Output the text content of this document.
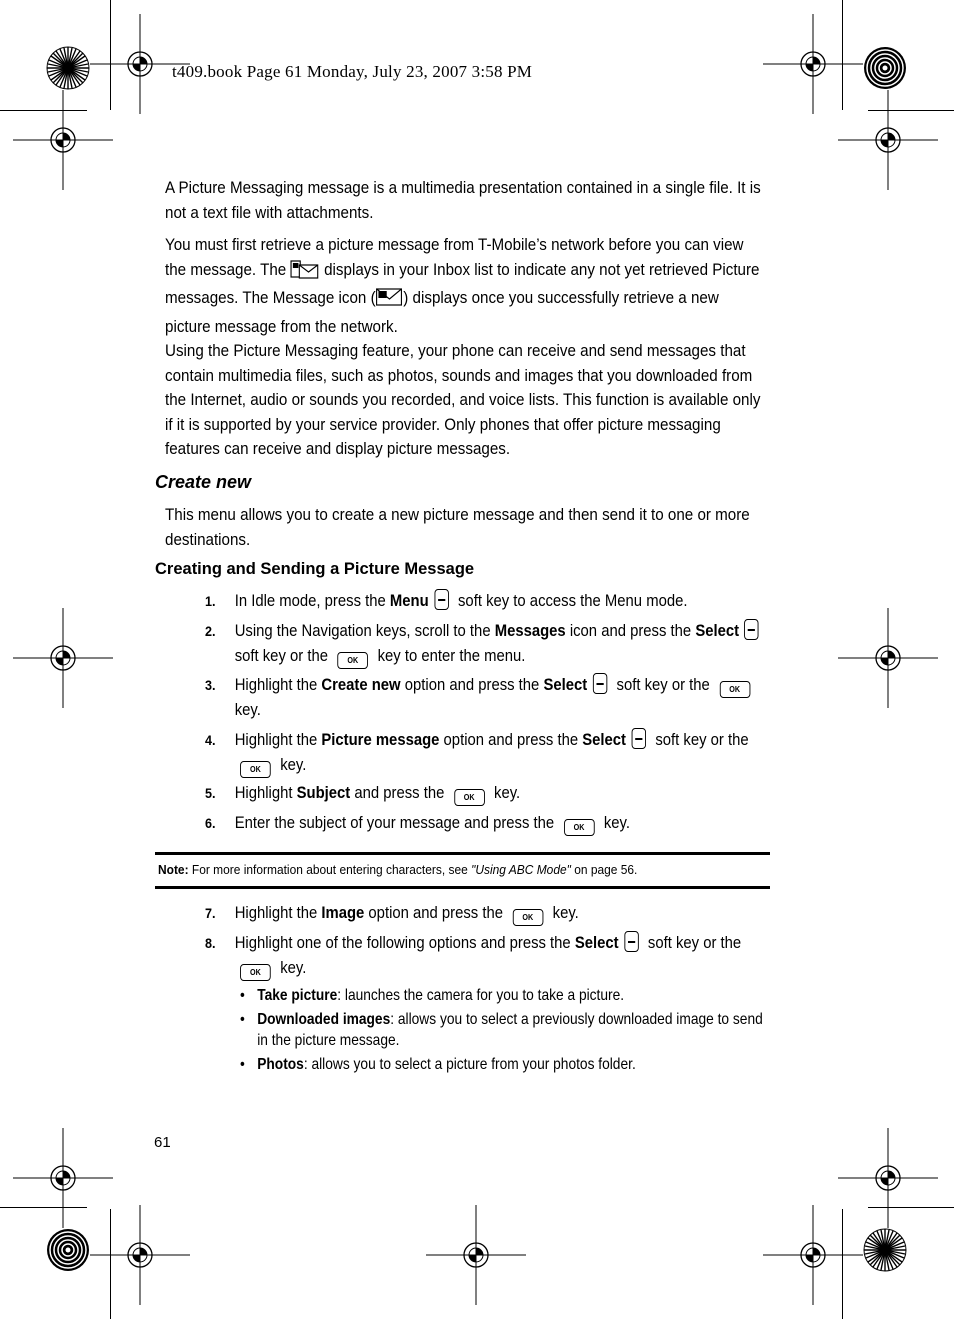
t409.book Page 61 Monday, July 23, 2007 3:58 PM
A Picture Messaging message is a multimedia presentation contained in a single file. It is not a text file with attachments.
You must first retrieve a picture message from T-Mobile’s network before you can view the message. The  displays in your Inbox list to indicate any not yet retrieved Picture messages. The Message icon ( ) displays once you successfully retrieve a new picture message from the network.
Using the Picture Messaging feature, your phone can receive and send messages that contain multimedia files, such as photos, sounds and images that you downloaded from the Internet, audio or sounds you recorded, and voice lists. This function is available only if it is supported by your service provider. Only phones that offer picture messaging features can receive and display picture messages.
Create new
This menu allows you to create a new picture message and then send it to one or more destinations.
Creating and Sending a Picture Message
1. In Idle mode, press the Menu soft key to access the Menu mode.
2. Using the Navigation keys, scroll to the Messages icon and press the Select soft key or the OK key to enter the menu.
3. Highlight the Create new option and press the Select soft key or the OK key.
4. Highlight the Picture message option and press the Select soft key or the OK key.
5. Highlight Subject and press the OK key.
6. Enter the subject of your message and press the OK key.
Note: For more information about entering characters, see "Using ABC Mode" on page 56.
7. Highlight the Image option and press the OK key.
8. Highlight one of the following options and press the Select soft key or the OK key.
• Take picture: launches the camera for you to take a picture.
• Downloaded images: allows you to select a previously downloaded image to send in the picture message.
• Photos: allows you to select a picture from your photos folder.
61
